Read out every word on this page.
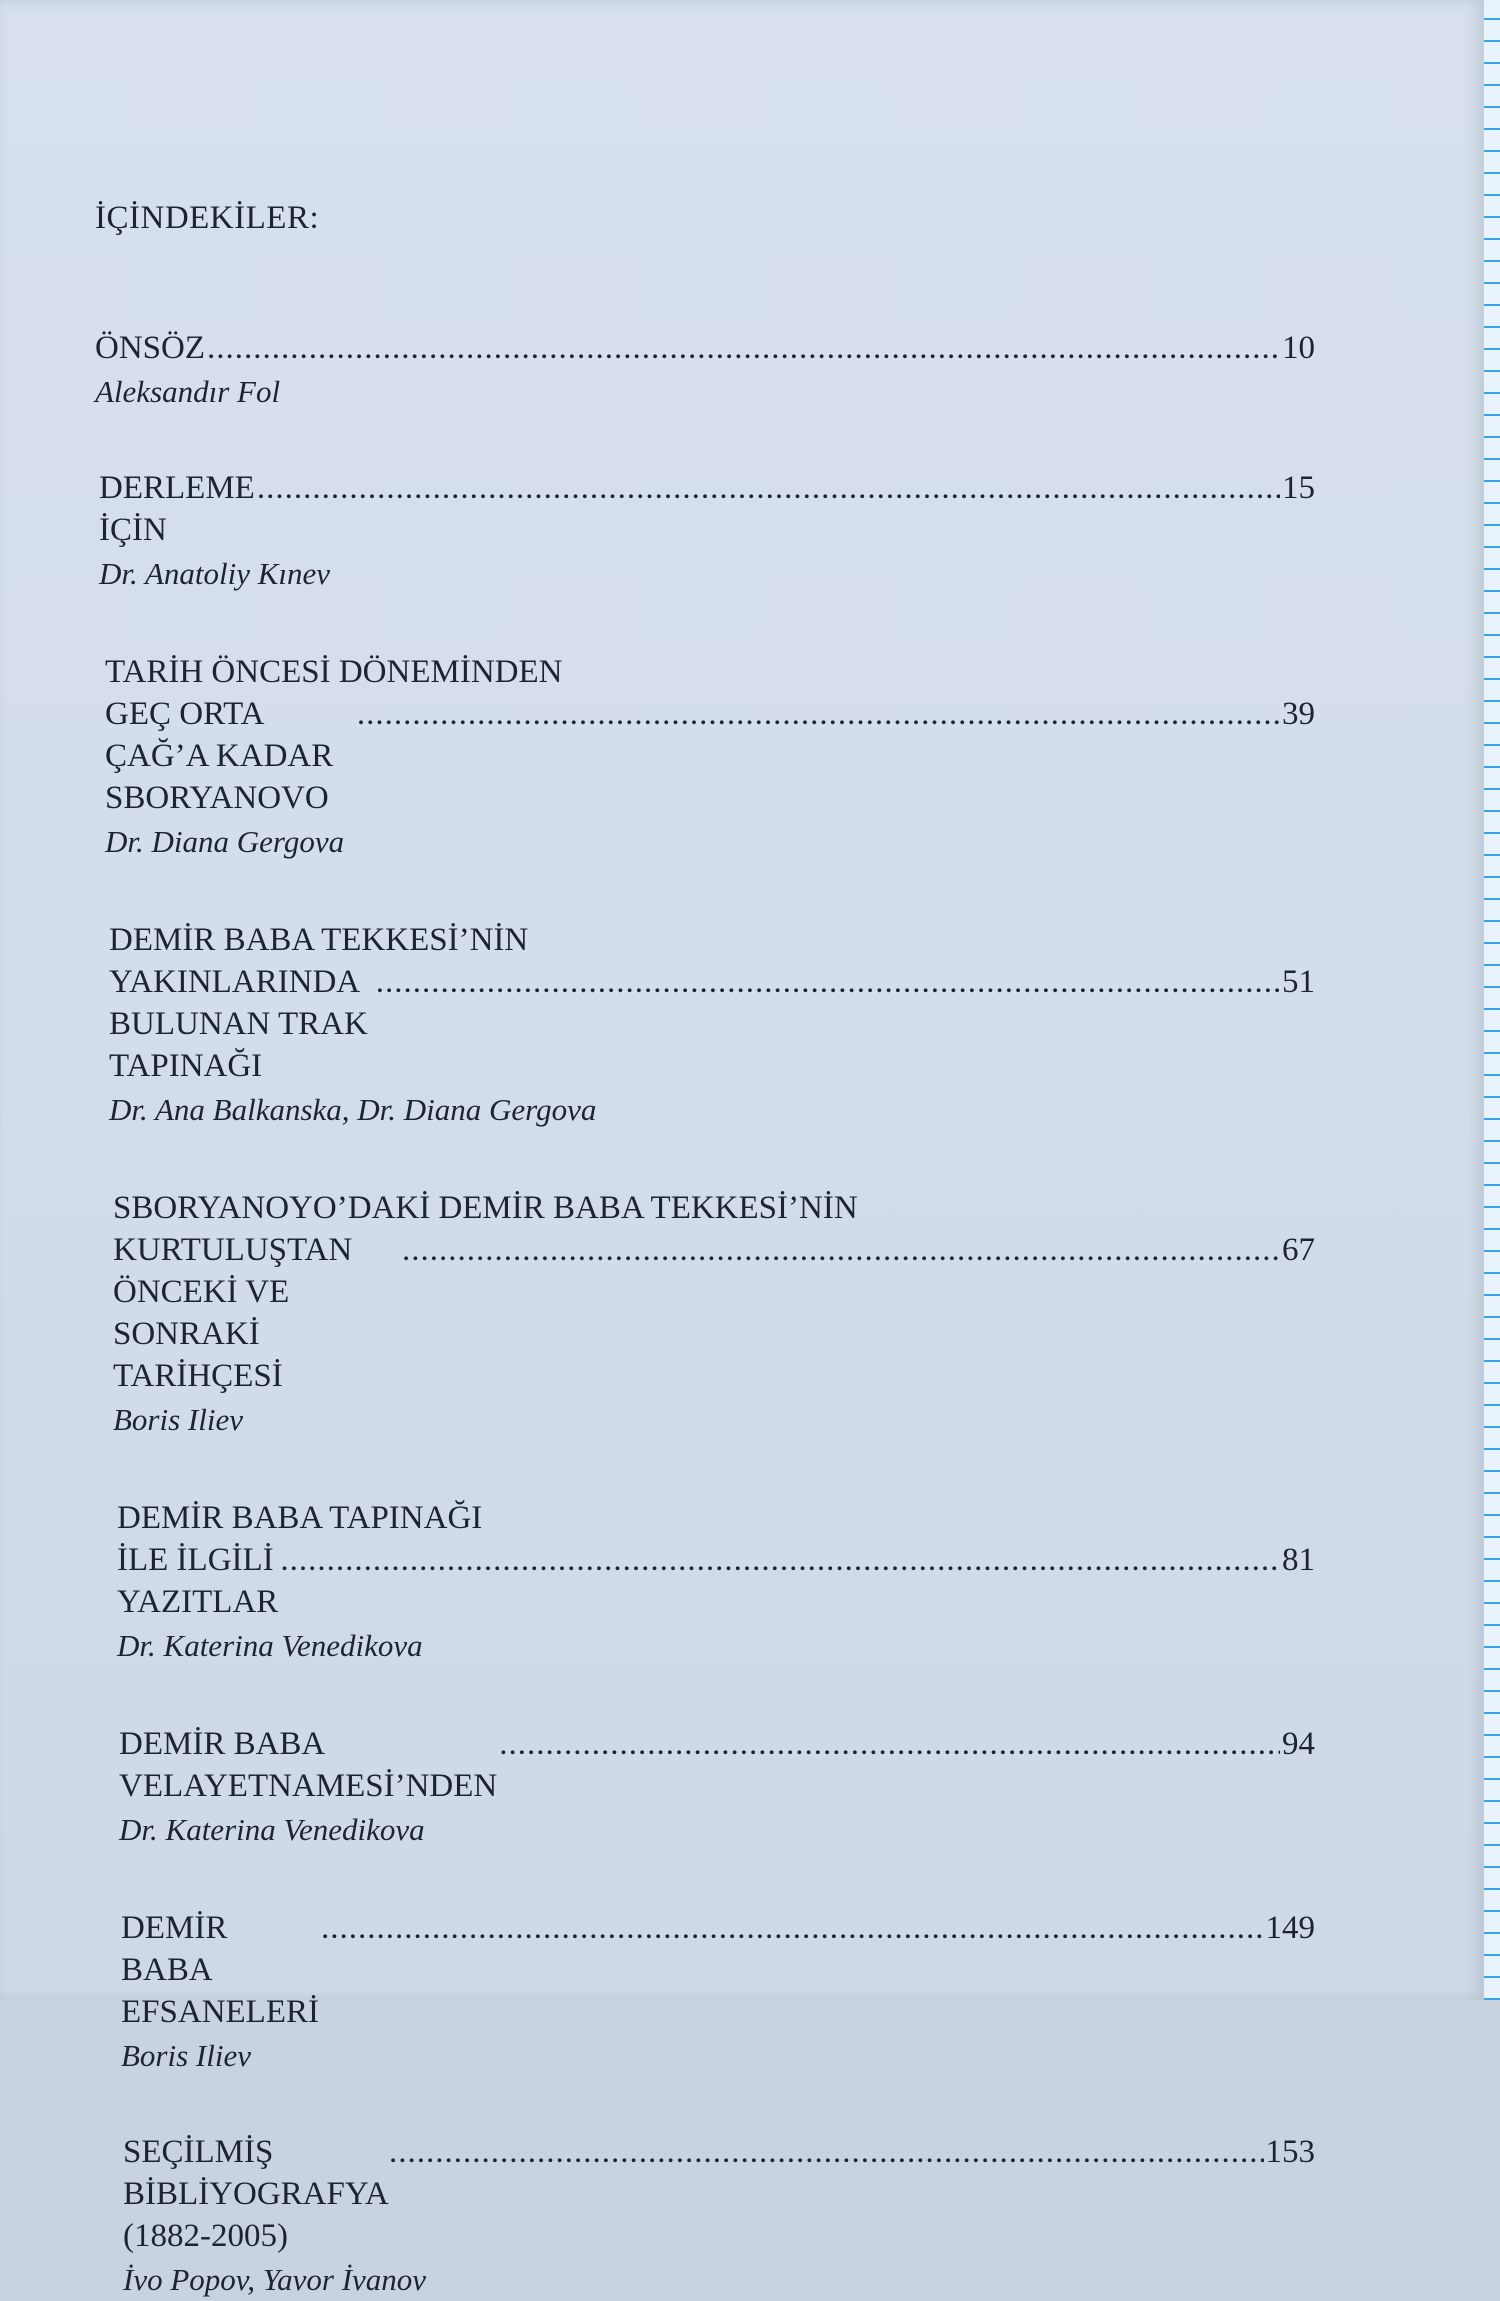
İÇİNDEKİLER:
ÖNSÖZ
.....	10
Aleksandır Fol
DERLEME İÇİN
.....
15
Dr. Anatoliy Kınev
TARİH ÖNCESİ DÖNEMİNDEN
GEÇ ORTA ÇAĞ’A KADAR SBORYANOVO
.....
39
Dr. Diana Gergova
DEMİR BABA TEKKESİ’NİN
YAKINLARINDA BULUNAN TRAK TAPINAĞI
.....
51
Dr. Ana Balkanska, Dr. Diana Gergova
SBORYANOYO’DAKİ DEMİR BABA TEKKESİ’NİN
KURTULUŞTAN ÖNCEKİ VE SONRAKİ TARİHÇESİ
.....
67
Boris Iliev
DEMİR BABA TAPINAĞI
İLE İLGİLİ YAZITLAR
.....
81
Dr. Katerina Venedikova
DEMİR BABA VELAYETNAMESİ’NDEN
.....
94
Dr. Katerina Venedikova
DEMİR BABA EFSANELERİ
.....
149
Boris Iliev
SEÇİLMİŞ BİBLİYOGRAFYA (1882-2005)
.....
153
İvo Popov, Yavor İvanov
